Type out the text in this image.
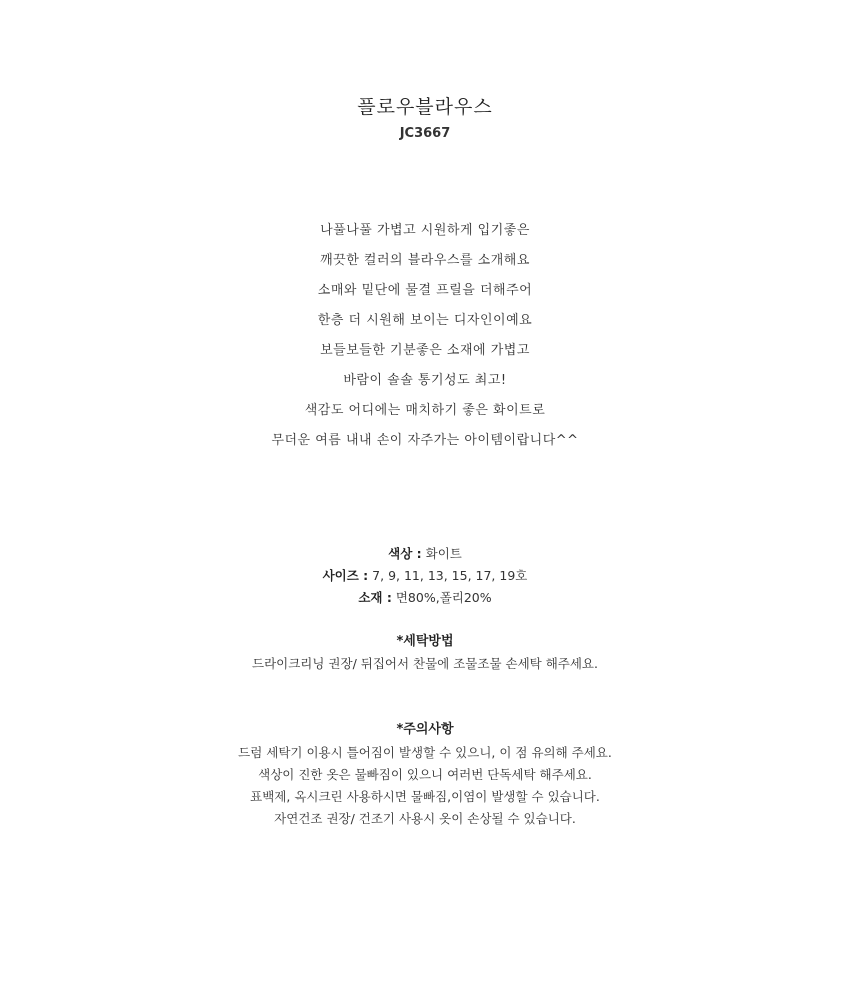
플로우블라우스
JC3667
나풀나풀 가볍고 시원하게 입기좋은
깨끗한 컬러의 블라우스를 소개해요
소매와 밑단에 물결 프릴을 더해주어
한층 더 시원해 보이는 디자인이예요
보들보들한 기분좋은 소재에 가볍고
바람이 솔솔 통기성도 최고!
색감도 어디에는 매치하기 좋은 화이트로
무더운 여름 내내 손이 자주가는 아이템이랍니다^^
색상 : 화이트
사이즈 : 7, 9, 11, 13, 15, 17, 19호
소재 : 면80%,폴리20%
*세탁방법
드라이크리닝 권장/ 뒤집어서 찬물에 조물조물 손세탁 해주세요.
*주의사항
드럼 세탁기 이용시 틀어짐이 발생할 수 있으니, 이 점 유의해 주세요.
색상이 진한 옷은 물빠짐이 있으니 여러번 단독세탁 해주세요.
표백제, 옥시크린 사용하시면 물빠짐,이염이 발생할 수 있습니다.
자연건조 권장/ 건조기 사용시 옷이 손상될 수 있습니다.
